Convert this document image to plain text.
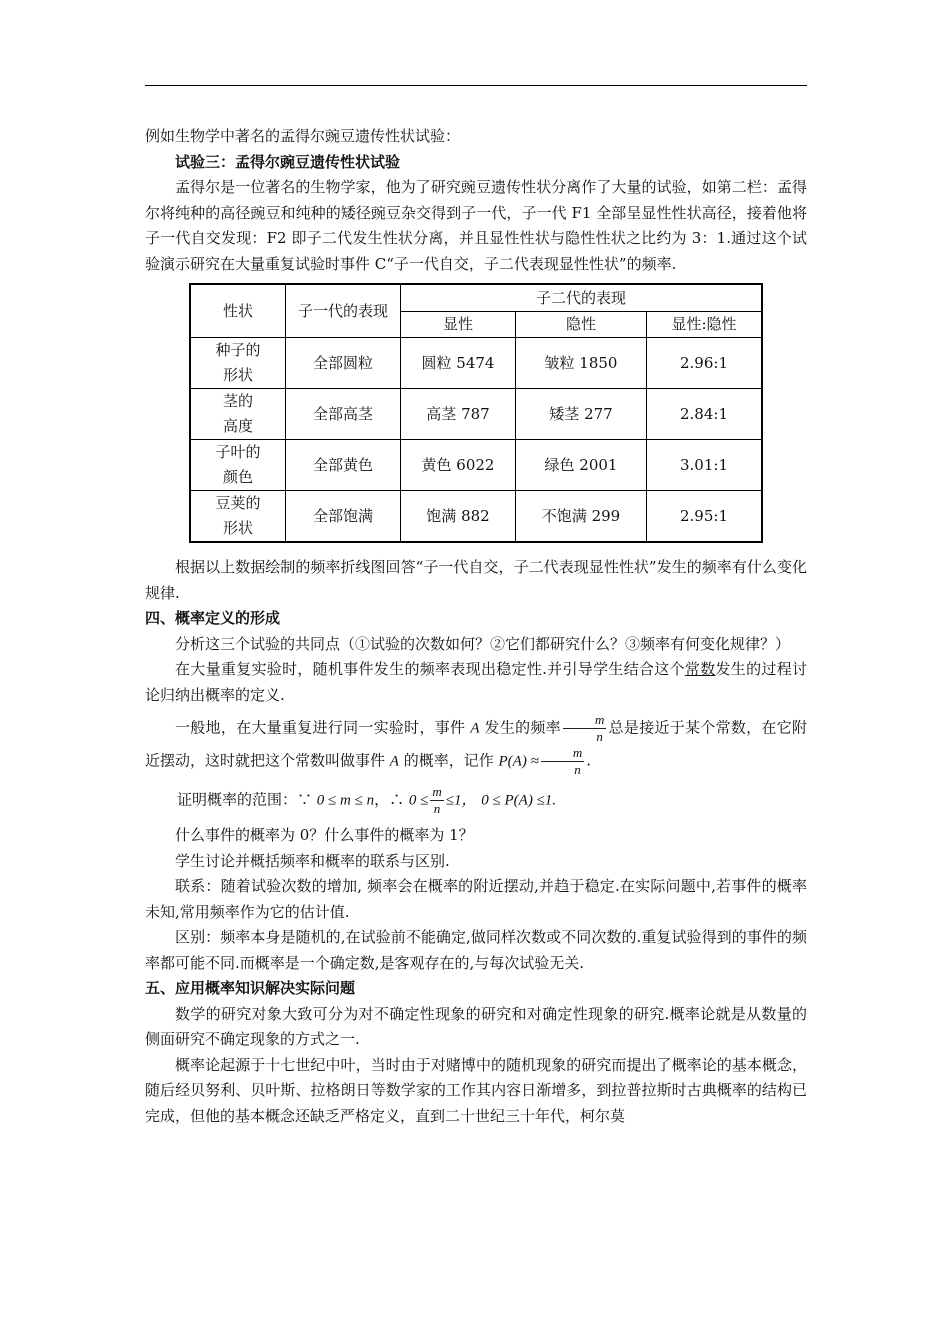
例如生物学中著名的孟得尔豌豆遗传性状试验：

试验三：孟得尔豌豆遗传性状试验

孟得尔是一位著名的生物学家，他为了研究豌豆遗传性状分离作了大量的试验，如第二栏：孟得尔将纯种的高径豌豆和纯种的矮径豌豆杂交得到子一代，子一代 F1 全部呈显性性状高径，接着他将子一代自交发现：F2 即子二代发生性状分离，并且显性性状与隐性性状之比约为 3：1.通过这个试验演示研究在大量重复试验时事件 C“子一代自交，子二代表现显性性状”的频率.

性状	子一代的表现	子二代的表现		
		显性	隐性	显性:隐性
种子的
形状	全部圆粒	圆粒 5474	皱粒 1850	2.96:1
茎的
高度	全部高茎	高茎 787	矮茎 277	2.84:1
子叶的
颜色	全部黄色	黄色 6022	绿色 2001	3.01:1
豆荚的
形状	全部饱满	饱满 882	不饱满 299	2.95:1

根据以上数据绘制的频率折线图回答“子一代自交，子二代表现显性性状”发生的频率有什么变化规律.

四、概率定义的形成

分析这三个试验的共同点（①试验的次数如何？②它们都研究什么？③频率有何变化规律？）

在大量重复实验时，随机事件发生的频率表现出稳定性.并引导学生结合这个常数发生的过程讨论归纳出概率的定义.

一般地，在大量重复进行同一实验时，事件 A 发生的频率 $\frac{m}{n}$ 总是接近于某个常数，在它附近摆动，这时就把这个常数叫做事件 A 的概率，记作 $P(A) \approx \frac{m}{n}$ .

证明概率的范围：∵ 0 ≤ m ≤ n，∴ $0 \le \frac{m}{n} \le 1$， 0 ≤ P(A) ≤1.

什么事件的概率为 0？什么事件的概率为 1？

学生讨论并概括频率和概率的联系与区别.

联系：随着试验次数的增加, 频率会在概率的附近摆动,并趋于稳定.在实际问题中,若事件的概率未知,常用频率作为它的估计值.

区别：频率本身是随机的,在试验前不能确定,做同样次数或不同次数的.重复试验得到的事件的频率都可能不同.而概率是一个确定数,是客观存在的,与每次试验无关.

五、应用概率知识解决实际问题

数学的研究对象大致可分为对不确定性现象的研究和对确定性现象的研究.概率论就是从数量的侧面研究不确定现象的方式之一.

概率论起源于十七世纪中叶，当时由于对赌博中的随机现象的研究而提出了概率论的基本概念，随后经贝努利、贝叶斯、拉格朗日等数学家的工作其内容日渐增多，到拉普拉斯时古典概率的结构已完成，但他的基本概念还缺乏严格定义，直到二十世纪三十年代，柯尔莫
